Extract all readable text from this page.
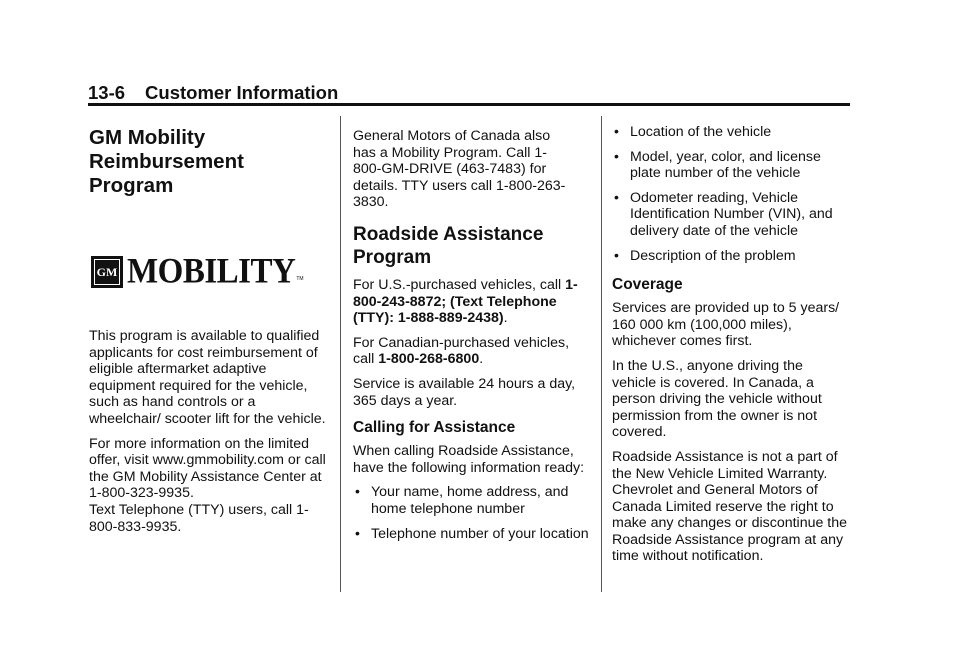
13-6 Customer Information
GM Mobility Reimbursement Program
GM MOBILITY TM

This program is available to qualified applicants for cost reimbursement of eligible aftermarket adaptive equipment required for the vehicle, such as hand controls or a wheelchair/ scooter lift for the vehicle.

For more information on the limited offer, visit www.gmmobility.com or call the GM Mobility Assistance Center at 1-800-323-9935.

Text Telephone (TTY) users, call 1-800-833-9935.

General Motors of Canada also has a Mobility Program. Call 1-800-GM-DRIVE (463-7483) for details. TTY users call 1-800-263-3830.

Roadside Assistance Program

For U.S.-purchased vehicles, call 1-800-243-8872; (Text Telephone (TTY): 1-888-889-2438).

For Canadian-purchased vehicles, call 1-800-268-6800.

Service is available 24 hours a day, 365 days a year.

Calling for Assistance

When calling Roadside Assistance, have the following information ready:

• Your name, home address, and home telephone number
• Telephone number of your location
• Location of the vehicle
• Model, year, color, and license plate number of the vehicle
• Odometer reading, Vehicle Identification Number (VIN), and delivery date of the vehicle
• Description of the problem
Coverage

Services are provided up to 5 years/ 160 000 km (100,000 miles), whichever comes first.

In the U.S., anyone driving the vehicle is covered. In Canada, a person driving the vehicle without permission from the owner is not covered.

Roadside Assistance is not a part of the New Vehicle Limited Warranty. Chevrolet and General Motors of Canada Limited reserve the right to make any changes or discontinue the Roadside Assistance program at any time without notification.
